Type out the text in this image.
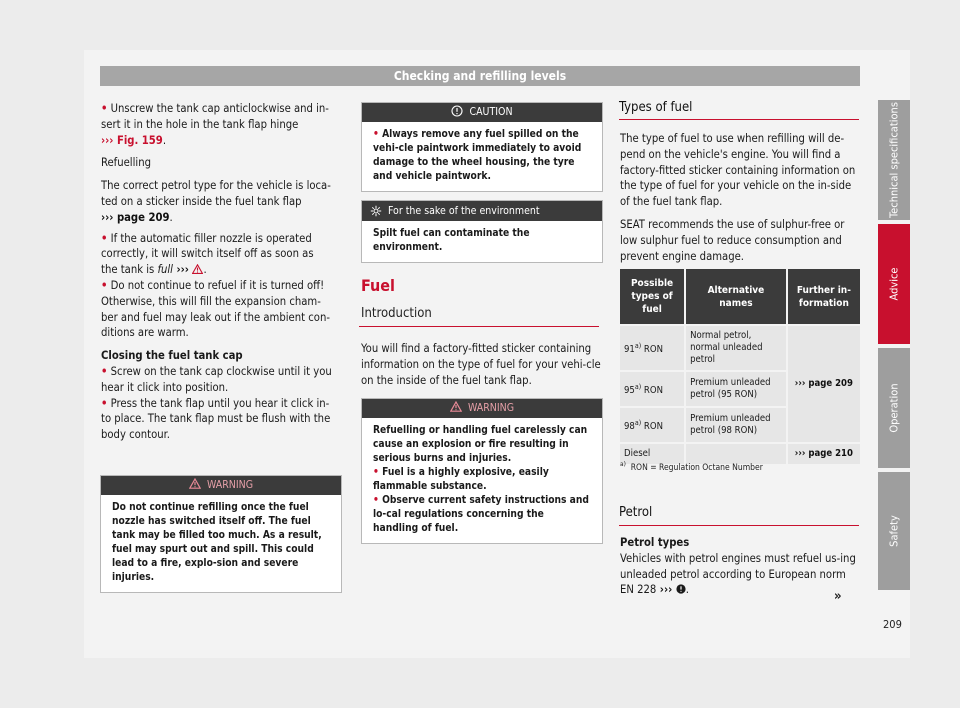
Checking and refilling levels

• Unscrew the tank cap anticlockwise and in-
sert it in the hole in the tank flap hinge
››› Fig. 159.

Refuelling

The correct petrol type for the vehicle is loca-
ted on a sticker inside the fuel tank flap
››› page 209.

• If the automatic filler nozzle is operated
correctly, it will switch itself off as soon as
the tank is full ››› .

• Do not continue to refuel if it is turned off!
Otherwise, this will fill the expansion cham-
ber and fuel may leak out if the ambient con-
ditions are warm.

Closing the fuel tank cap

• Screw on the tank cap clockwise until it you
hear it click into position.

• Press the tank flap until you hear it click in-
to place. The tank flap must be flush with the
body contour.

WARNING
Do not continue refilling once the fuel nozzle has switched itself off. The fuel tank may be filled too much. As a result, fuel may spurt out and spill. This could lead to a fire, explo-sion and severe injuries.
CAUTION
• Always remove any fuel spilled on the vehi-cle paintwork immediately to avoid damage to the wheel housing, the tyre and vehicle paintwork.
For the sake of the environment
Spilt fuel can contaminate the environment.
Fuel
Introduction
You will find a factory-fitted sticker containing information on the type of fuel for your vehi-cle on the inside of the fuel tank flap.
WARNING
Refuelling or handling fuel carelessly can cause an explosion or fire resulting in serious burns and injuries.
• Fuel is a highly explosive, easily flammable substance.
• Observe current safety instructions and lo-cal regulations concerning the handling of fuel.
Types of fuel

The type of fuel to use when refilling will de-pend on the vehicle's engine. You will find a factory-fitted sticker containing information on the type of fuel for your vehicle on the in-side of the fuel tank flap.

SEAT recommends the use of sulphur-free or low sulphur fuel to reduce consumption and prevent engine damage.

Possible types of fuel	Alternative names	Further in-formation
91$^{a)}$ RON	Normal petrol, normal unleaded petrol	››› page 209
95$^{a)}$ RON	Premium unleaded petrol (95 RON)	
98$^{a)}$ RON	Premium unleaded petrol (98 RON)	
Diesel		››› page 210
$^{a)}$ RON = Regulation Octane Number
Petrol

Petrol types

Vehicles with petrol engines must refuel us-ing unleaded petrol according to European norm EN 228 ››› .	»
Technical specifications
Advice
Operation
Safety
209
